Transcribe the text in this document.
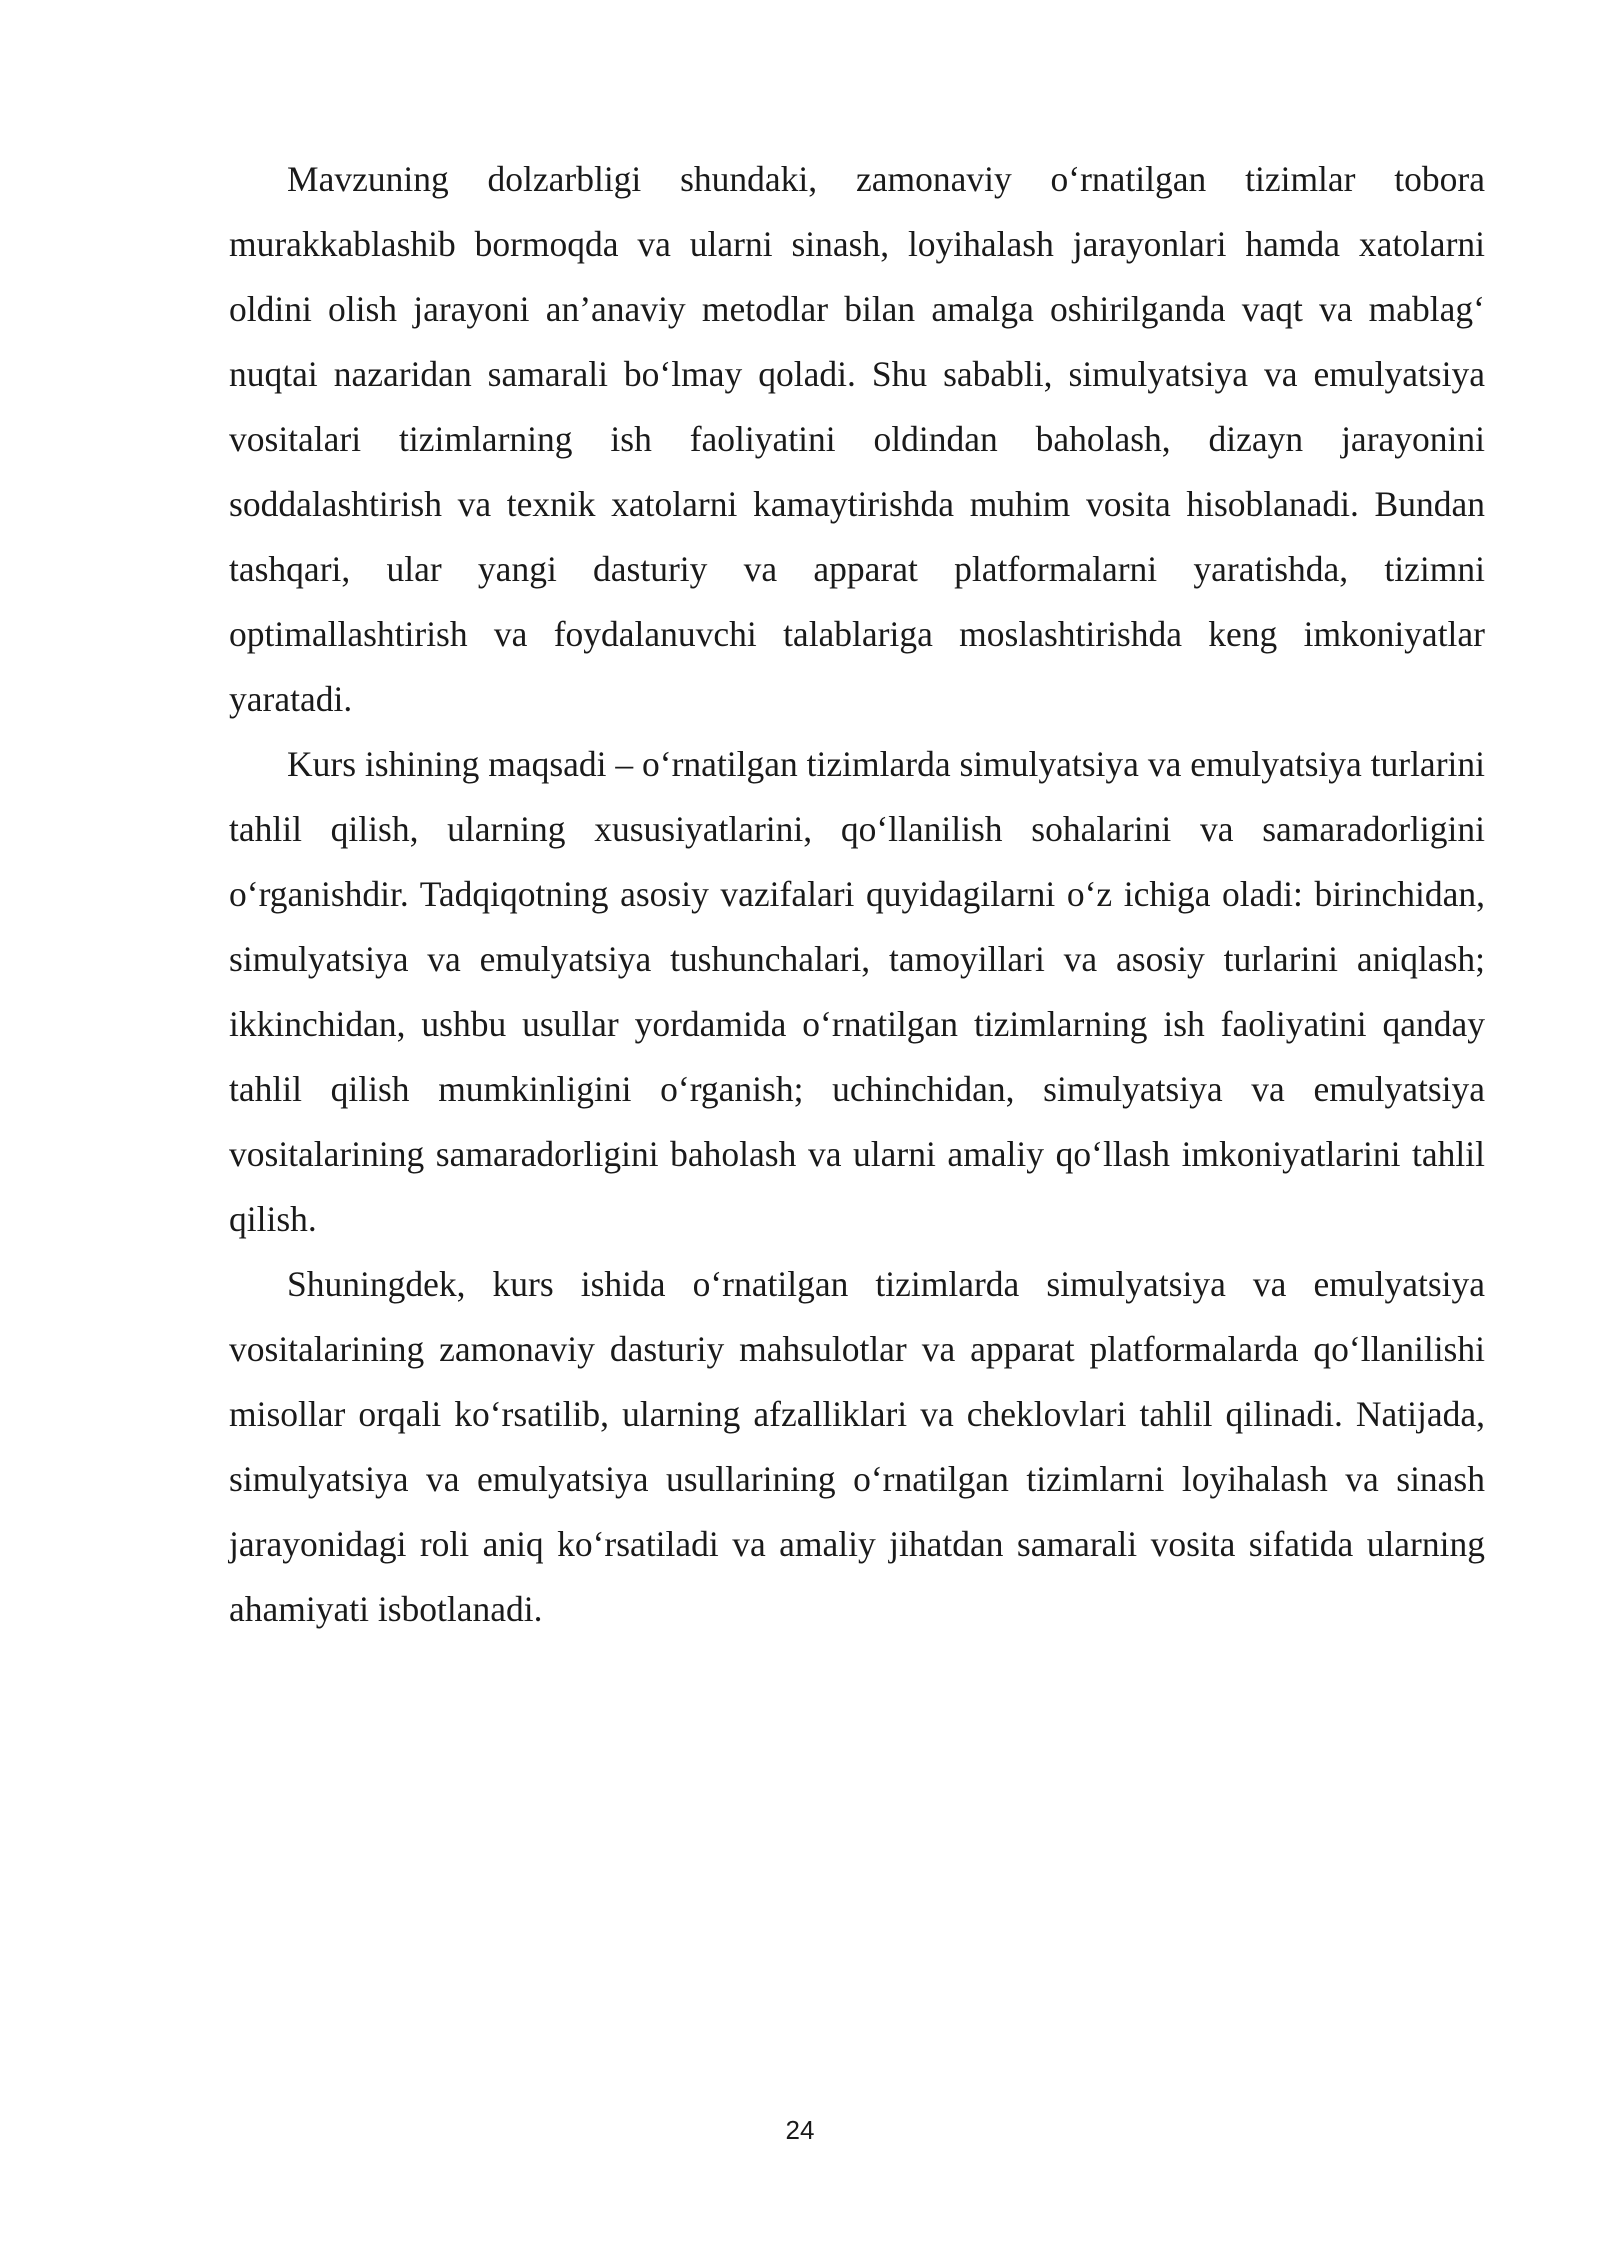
Mavzuning dolzarbligi shundaki, zamonaviy o‘rnatilgan tizimlar tobora murakkablashib bormoqda va ularni sinash, loyihalash jarayonlari hamda xatolarni oldini olish jarayoni an’anaviy metodlar bilan amalga oshirilganda vaqt va mablag‘ nuqtai nazaridan samarali bo‘lmay qoladi. Shu sababli, simulyatsiya va emulyatsiya vositalari tizimlarning ish faoliyatini oldindan baholash, dizayn jarayonini soddalashtirish va texnik xatolarni kamaytirishda muhim vosita hisoblanadi. Bundan tashqari, ular yangi dasturiy va apparat platformalarni yaratishda, tizimni optimallashtirish va foydalanuvchi talablariga moslashtirishda keng imkoniyatlar yaratadi.

Kurs ishining maqsadi – o‘rnatilgan tizimlarda simulyatsiya va emulyatsiya turlarini tahlil qilish, ularning xususiyatlarini, qo‘llanilish sohalarini va samaradorligini o‘rganishdir. Tadqiqotning asosiy vazifalari quyidagilarni o‘z ichiga oladi: birinchidan, simulyatsiya va emulyatsiya tushunchalari, tamoyillari va asosiy turlarini aniqlash; ikkinchidan, ushbu usullar yordamida o‘rnatilgan tizimlarning ish faoliyatini qanday tahlil qilish mumkinligini o‘rganish; uchinchidan, simulyatsiya va emulyatsiya vositalarining samaradorligini baholash va ularni amaliy qo‘llash imkoniyatlarini tahlil qilish.

Shuningdek, kurs ishida o‘rnatilgan tizimlarda simulyatsiya va emulyatsiya vositalarining zamonaviy dasturiy mahsulotlar va apparat platformalarda qo‘llanilishi misollar orqali ko‘rsatilib, ularning afzalliklari va cheklovlari tahlil qilinadi. Natijada, simulyatsiya va emulyatsiya usullarining o‘rnatilgan tizimlarni loyihalash va sinash jarayonidagi roli aniq ko‘rsatiladi va amaliy jihatdan samarali vosita sifatida ularning ahamiyati isbotlanadi.

24
